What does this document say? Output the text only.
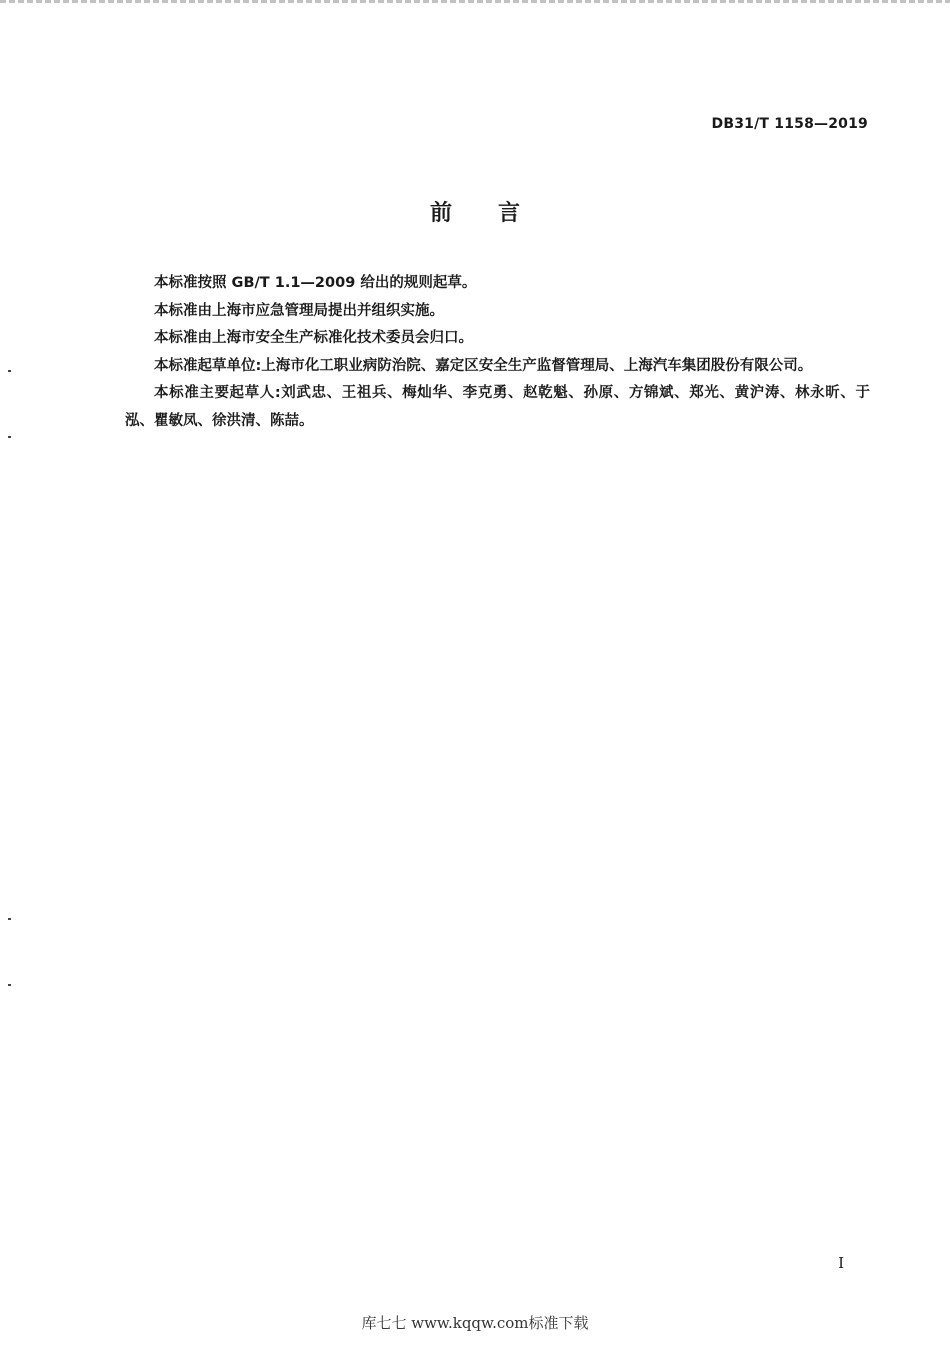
DB31/T 1158—2019
前言

本标准按照 GB/T 1.1—2009 给出的规则起草。

本标准由上海市应急管理局提出并组织实施。

本标准由上海市安全生产标准化技术委员会归口。

本标准起草单位:上海市化工职业病防治院、嘉定区安全生产监督管理局、上海汽车集团股份有限公司。

本标准主要起草人:刘武忠、王祖兵、梅灿华、李克勇、赵乾魁、孙原、方锦斌、郑光、黄沪涛、林永昕、于泓、瞿敏凤、徐洪清、陈喆。

I
库七七 www.kqqw.com标准下载
